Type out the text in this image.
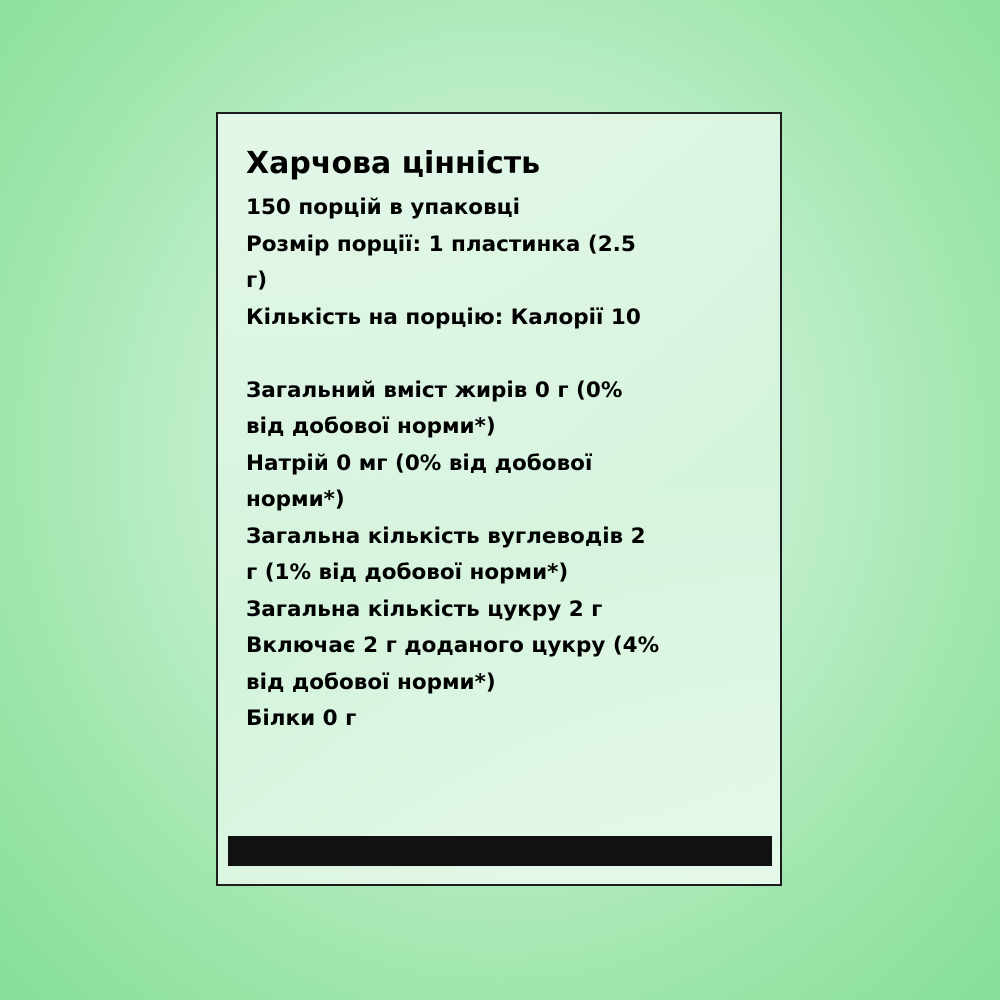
Харчова цінність
150 порцій в упаковці
Розмір порції: 1 пластинка (2.5
г)
Кількість на порцію: Калорії 10
Загальний вміст жирів 0 г (0%
від добової норми*)
Натрій 0 мг (0% від добової
норми*)
Загальна кількість вуглеводів 2
г (1% від добової норми*)
Загальна кількість цукру 2 г
Включає 2 г доданого цукру (4%
від добової норми*)
Білки 0 г
